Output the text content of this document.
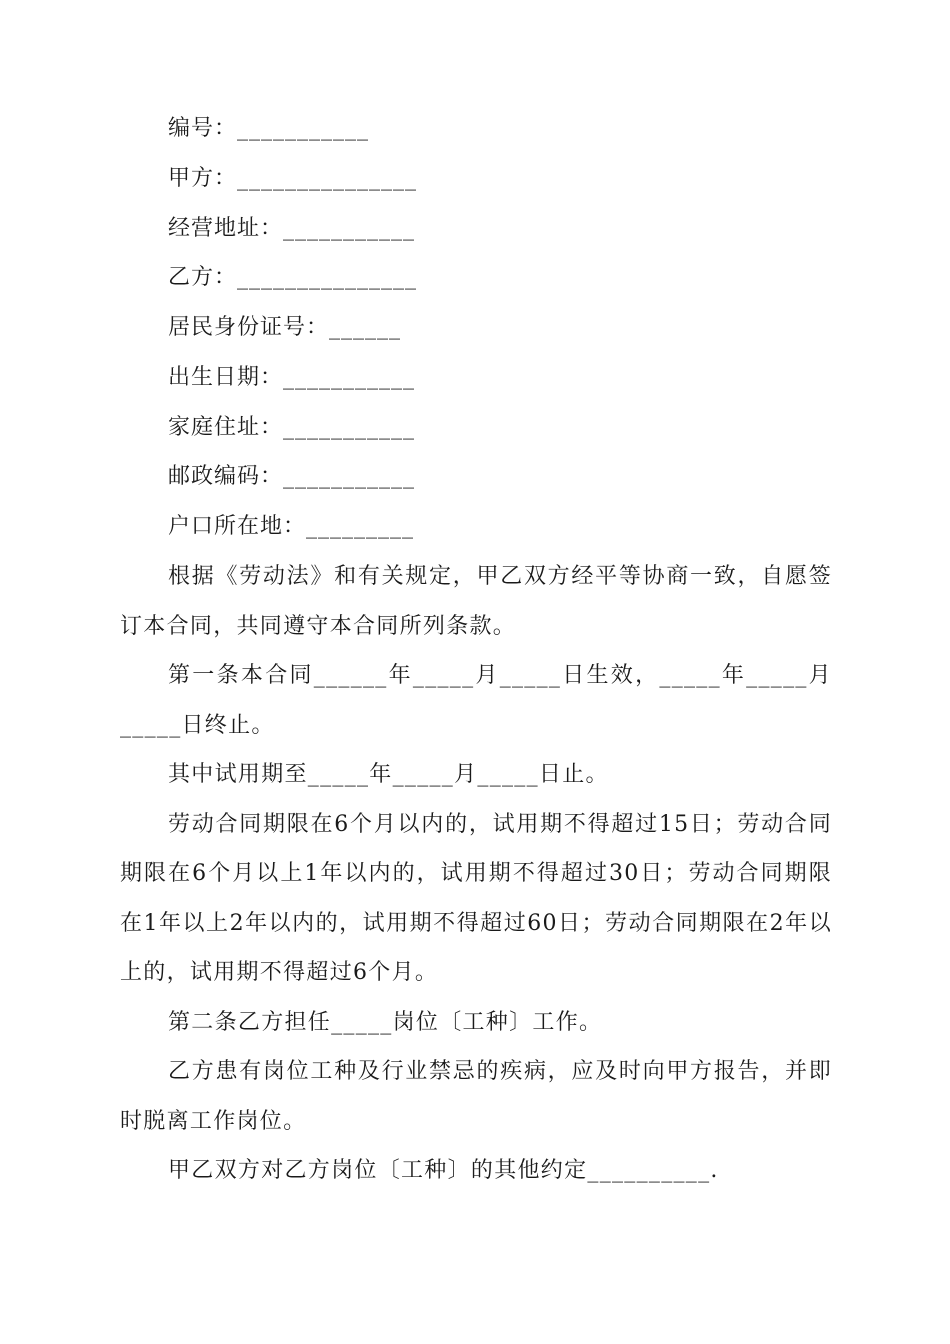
编号：___________
甲方：_______________
经营地址：___________
乙方：_______________
居民身份证号：______
出生日期：___________
家庭住址：___________
邮政编码：___________
户口所在地：_________

根据《劳动法》和有关规定，甲乙双方经平等协商一致，自愿签订本合同，共同遵守本合同所列条款。

第一条本合同______年_____月_____日生效，_____年_____月_____日终止。

其中试用期至_____年_____月_____日止。

劳动合同期限在6个月以内的，试用期不得超过15日；劳动合同期限在6个月以上1年以内的，试用期不得超过30日；劳动合同期限在1年以上2年以内的，试用期不得超过60日；劳动合同期限在2年以上的，试用期不得超过6个月。

第二条乙方担任_____岗位〔工种〕工作。

乙方患有岗位工种及行业禁忌的疾病，应及时向甲方报告，并即时脱离工作岗位。

甲乙双方对乙方岗位〔工种〕的其他约定__________.
